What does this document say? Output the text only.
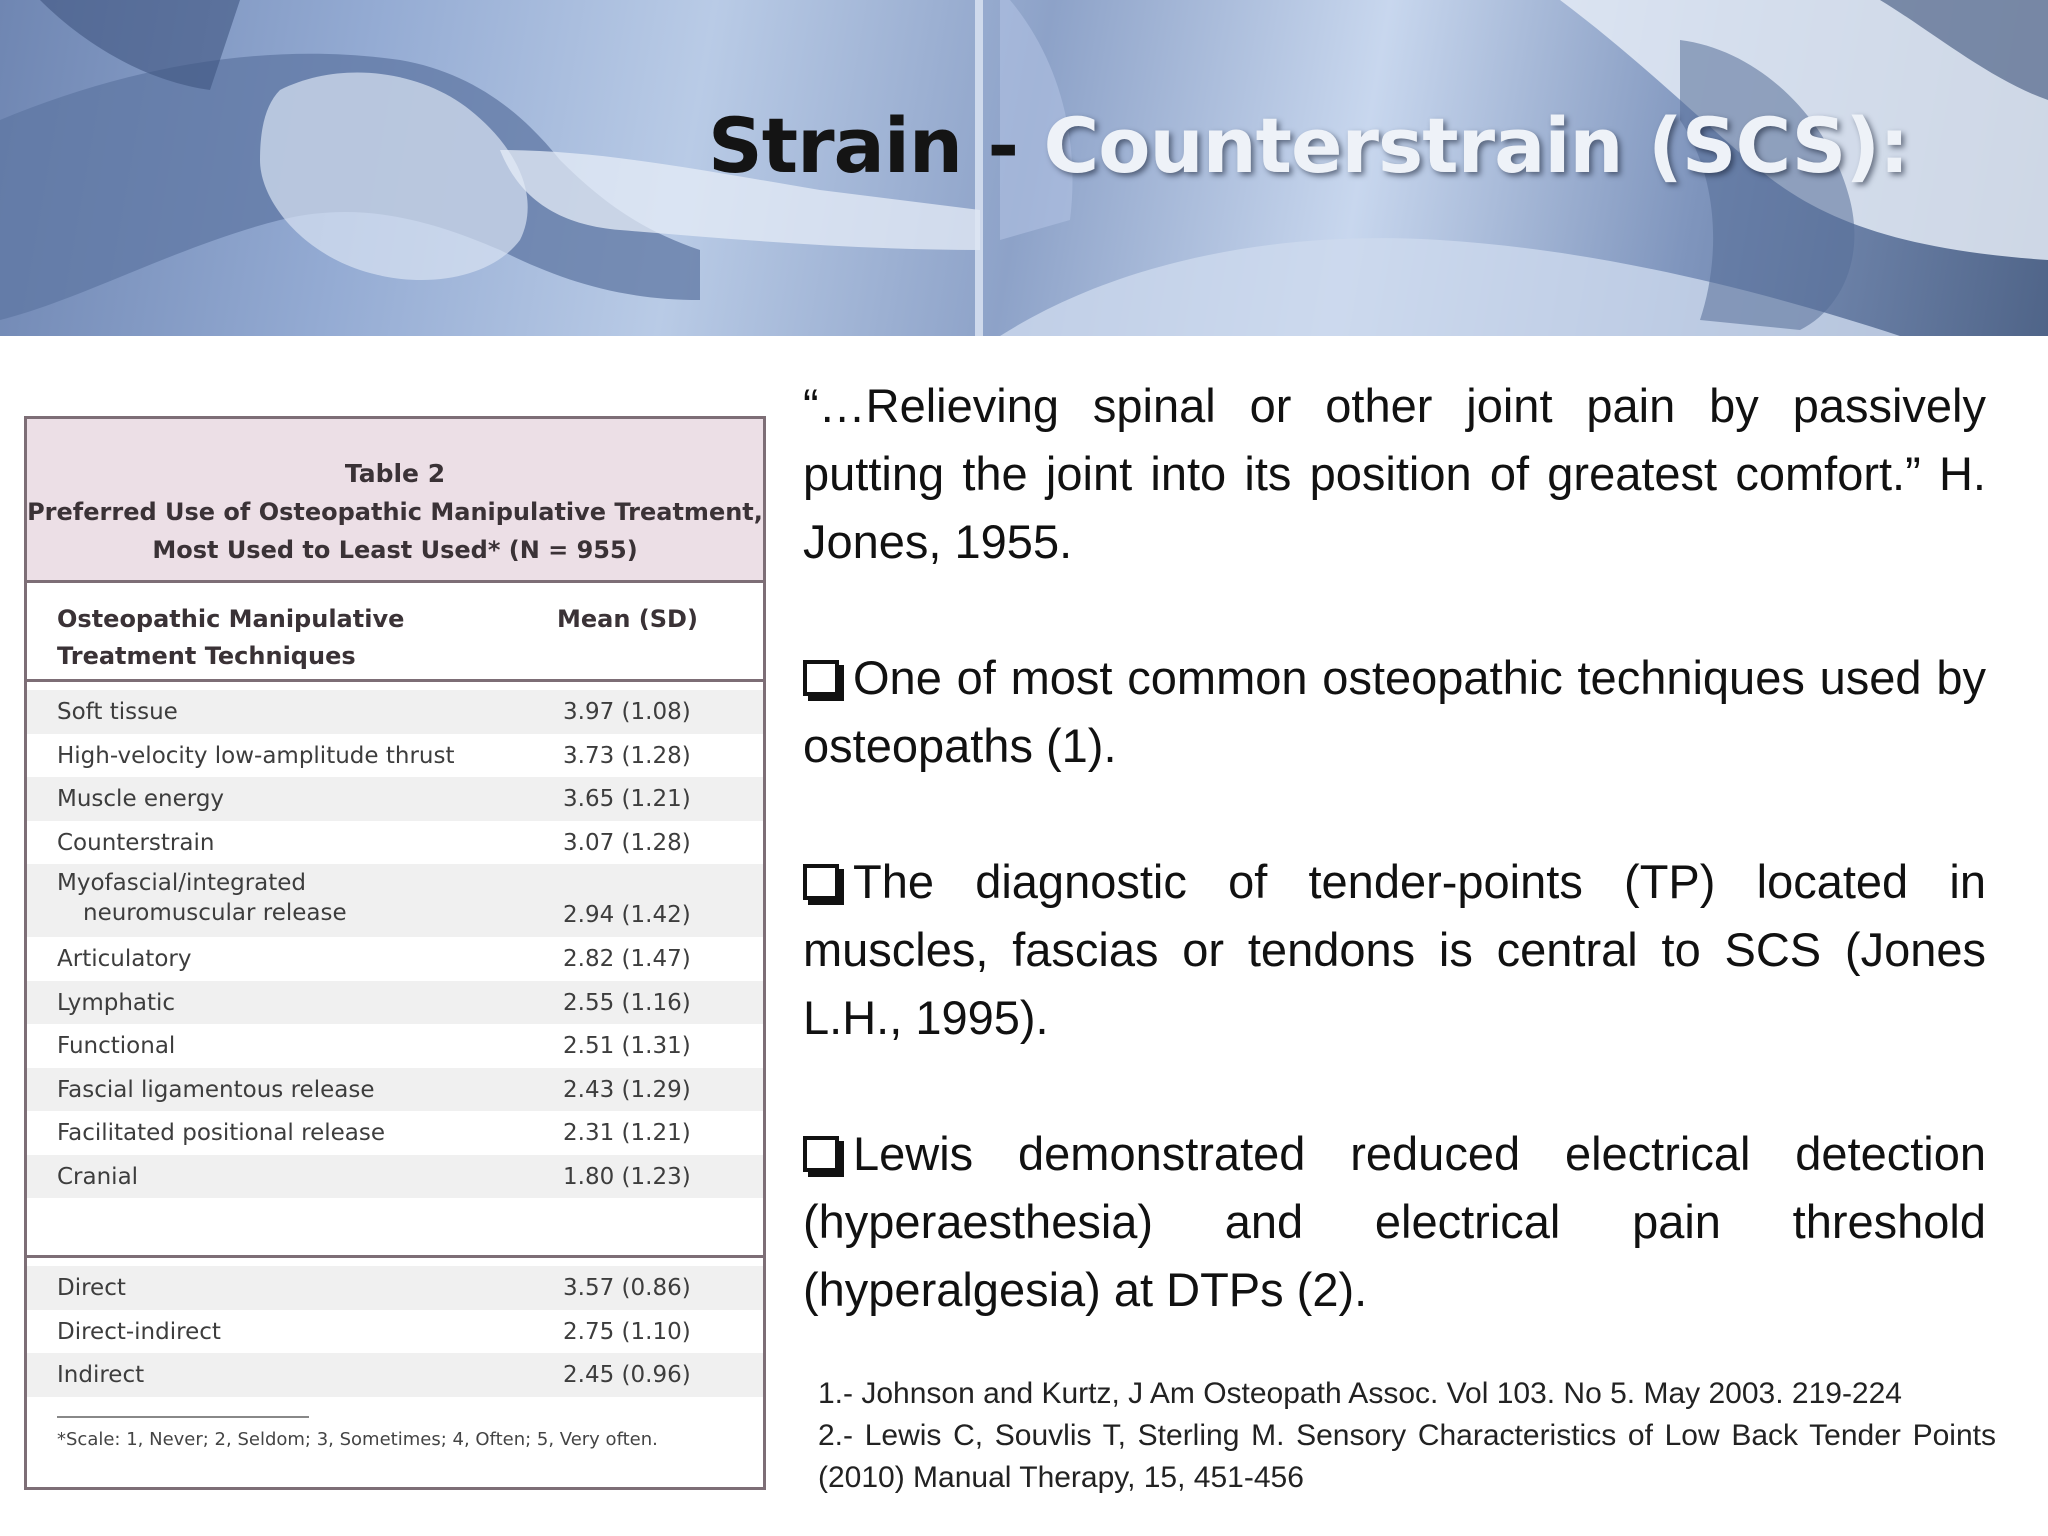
Strain - Counterstrain (SCS):
Table 2
Preferred Use of Osteopathic Manipulative Treatment,
Most Used to Least Used* (N = 955)
Osteopathic Manipulative
Treatment Techniques
Mean (SD)
Soft tissue	3.97 (1.08)
High-velocity low-amplitude thrust	3.73 (1.28)
Muscle energy	3.65 (1.21)
Counterstrain	3.07 (1.28)
Myofascial/integrated
neuromuscular release	2.94 (1.42)
Articulatory	2.82 (1.47)
Lymphatic	2.55 (1.16)
Functional	2.51 (1.31)
Fascial ligamentous release	2.43 (1.29)
Facilitated positional release	2.31 (1.21)
Cranial	1.80 (1.23)
Direct	3.57 (0.86)
Direct-indirect	2.75 (1.10)
Indirect	2.45 (0.96)
*Scale: 1, Never; 2, Seldom; 3, Sometimes; 4, Often; 5, Very often.

“…Relieving spinal or other joint pain by passively putting the joint into its position of greatest comfort.” H. Jones, 1955.

One of most common osteopathic techniques used by osteopaths (1).

The diagnostic of tender-points (TP) located in muscles, fascias or tendons is central to SCS (Jones L.H., 1995).

Lewis demonstrated reduced electrical detection (hyperaesthesia) and electrical pain threshold (hyperalgesia) at DTPs (2).

1.- Johnson and Kurtz, J Am Osteopath Assoc. Vol 103. No 5. May 2003. 219-224
2.- Lewis C, Souvlis T, Sterling M. Sensory Characteristics of Low Back Tender Points (2010) Manual Therapy, 15, 451-456
